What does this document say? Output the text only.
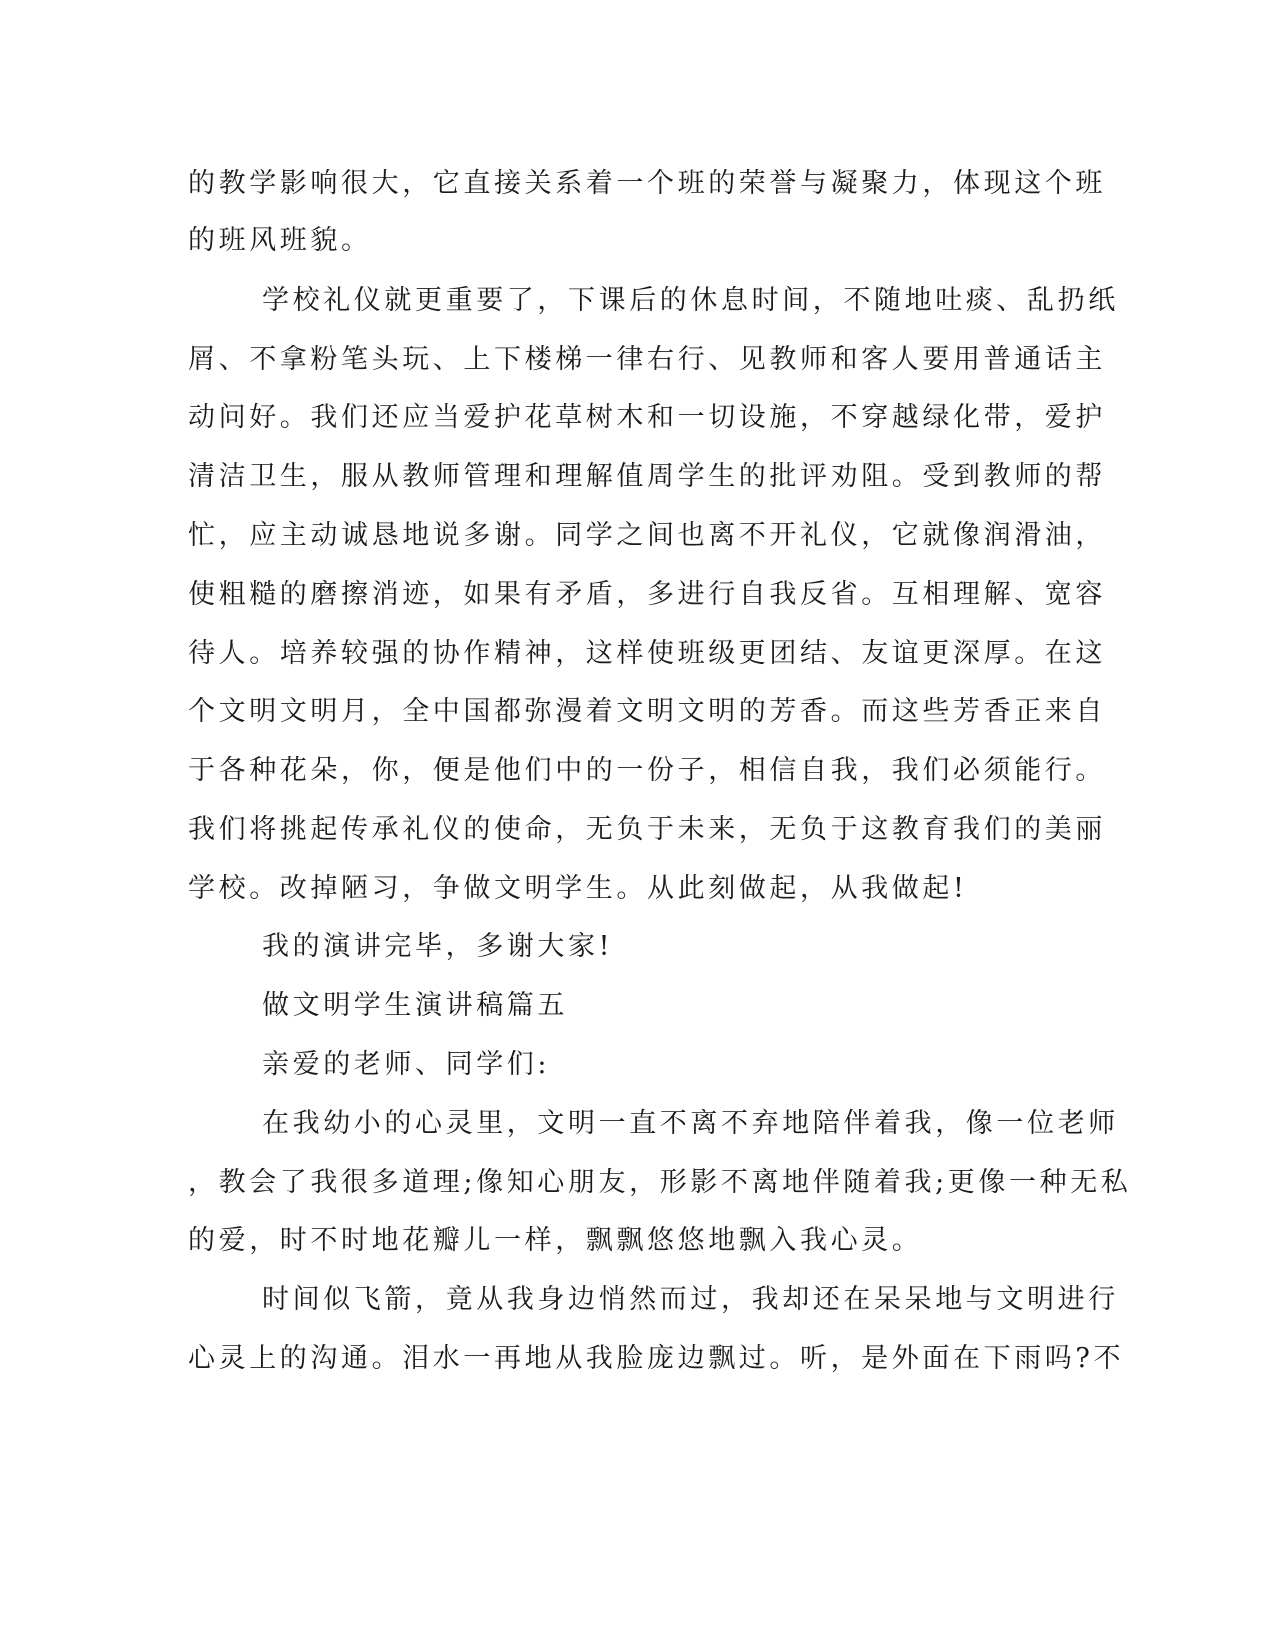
的教学影响很大，它直接关系着一个班的荣誉与凝聚力，体现这个班
的班风班貌。
学校礼仪就更重要了，下课后的休息时间，不随地吐痰、乱扔纸
屑、不拿粉笔头玩、上下楼梯一律右行、见教师和客人要用普通话主
动问好。我们还应当爱护花草树木和一切设施，不穿越绿化带，爱护
清洁卫生，服从教师管理和理解值周学生的批评劝阻。受到教师的帮
忙，应主动诚恳地说多谢。同学之间也离不开礼仪，它就像润滑油，
使粗糙的磨擦消迹，如果有矛盾，多进行自我反省。互相理解、宽容
待人。培养较强的协作精神，这样使班级更团结、友谊更深厚。在这
个文明文明月，全中国都弥漫着文明文明的芳香。而这些芳香正来自
于各种花朵，你，便是他们中的一份子，相信自我，我们必须能行。
我们将挑起传承礼仪的使命，无负于未来，无负于这教育我们的美丽
学校。改掉陋习，争做文明学生。从此刻做起，从我做起!
我的演讲完毕，多谢大家!
做文明学生演讲稿篇五
亲爱的老师、同学们:
在我幼小的心灵里，文明一直不离不弃地陪伴着我，像一位老师
，教会了我很多道理;像知心朋友，形影不离地伴随着我;更像一种无私
的爱，时不时地花瓣儿一样，飘飘悠悠地飘入我心灵。
时间似飞箭，竟从我身边悄然而过，我却还在呆呆地与文明进行
心灵上的沟通。泪水一再地从我脸庞边飘过。听，是外面在下雨吗?不
